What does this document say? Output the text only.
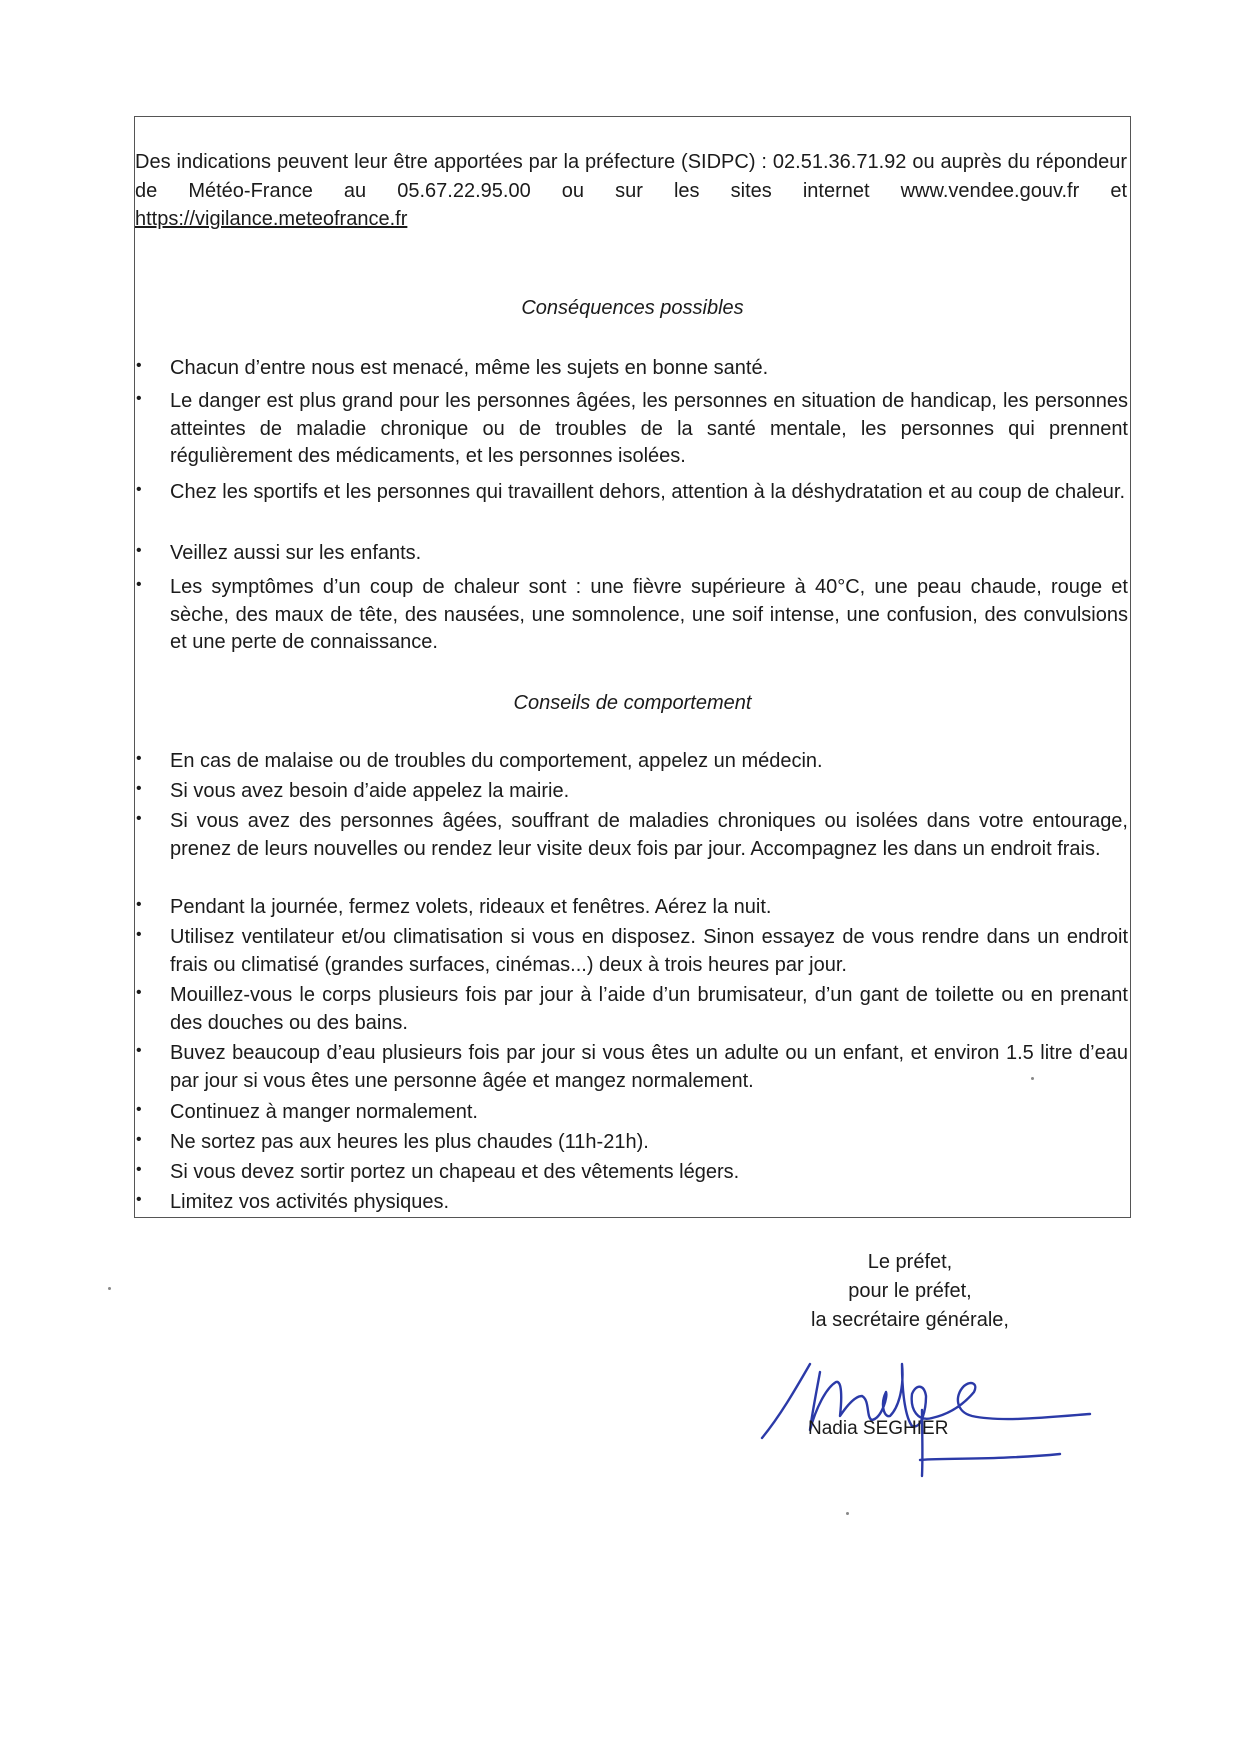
Des indications peuvent leur être apportées par la préfecture (SIDPC) : 02.51.36.71.92 ou auprès du répondeur de Météo-France au 05.67.22.95.00 ou sur les sites internet www.vendee.gouv.fr et https://vigilance.meteofrance.fr

Conséquences possibles
• Chacun d’entre nous est menacé, même les sujets en bonne santé.
• Le danger est plus grand pour les personnes âgées, les personnes en situation de handicap, les personnes atteintes de maladie chronique ou de troubles de la santé mentale, les personnes qui prennent régulièrement des médicaments, et les personnes isolées.
• Chez les sportifs et les personnes qui travaillent dehors, attention à la déshydratation et au coup de chaleur.
• Veillez aussi sur les enfants.
• Les symptômes d’un coup de chaleur sont : une fièvre supérieure à 40°C, une peau chaude, rouge et sèche, des maux de tête, des nausées, une somnolence, une soif intense, une confusion, des convulsions et une perte de connaissance.
Conseils de comportement
• En cas de malaise ou de troubles du comportement, appelez un médecin.
• Si vous avez besoin d’aide appelez la mairie.
• Si vous avez des personnes âgées, souffrant de maladies chroniques ou isolées dans votre entourage, prenez de leurs nouvelles ou rendez leur visite deux fois par jour. Accompagnez les dans un endroit frais.
• Pendant la journée, fermez volets, rideaux et fenêtres. Aérez la nuit.
• Utilisez ventilateur et/ou climatisation si vous en disposez. Sinon essayez de vous rendre dans un endroit frais ou climatisé (grandes surfaces, cinémas...) deux à trois heures par jour.
• Mouillez-vous le corps plusieurs fois par jour à l’aide d’un brumisateur, d’un gant de toilette ou en prenant des douches ou des bains.
• Buvez beaucoup d’eau plusieurs fois par jour si vous êtes un adulte ou un enfant, et environ 1.5 litre d’eau par jour si vous êtes une personne âgée et mangez normalement.
• Continuez à manger normalement.
• Ne sortez pas aux heures les plus chaudes (11h-21h).
• Si vous devez sortir portez un chapeau et des vêtements légers.
• Limitez vos activités physiques.
Le préfet,
pour le préfet,
la secrétaire générale,
Nadia SEGHIER
